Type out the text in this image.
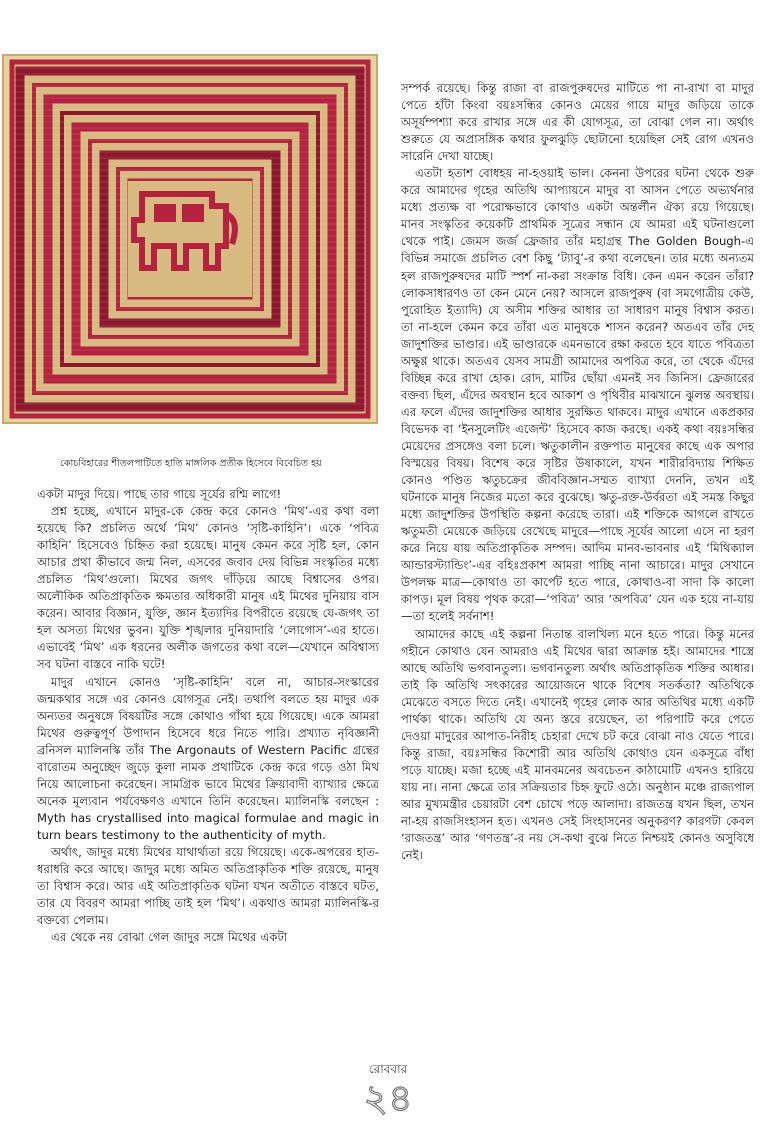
কোচবিহারের শীতলপাটিতে হাতি মাঙ্গলিক প্রতীক হিসেবে বিবেচিত হয়

একটা মাদুর দিয়ে। পাছে তার গায়ে সূর্যের রশ্মি লাগে!

প্রশ্ন হচ্ছে, এখানে মাদুর-কে কেন্দ্র করে কোনও ‘মিথ’-এর কথা বলা হয়েছে কি? প্রচলিত অর্থে ‘মিথ’ কোনও ‘সৃষ্টি-কাহিনি’। একে ‘পবিত্র কাহিনি’ হিসেবেও চিহ্নিত করা হয়েছে। মানুষ কেমন করে সৃষ্টি হল, কোন আচার প্রথা কীভাবে জন্ম নিল, এসবের জবাব দেয় বিভিন্ন সংস্কৃতির মধ্যে প্রচলিত ‘মিথ’গুলো। মিথের জগৎ দাঁড়িয়ে আছে বিশ্বাসের ওপর। অলৌকিক অতিপ্রাকৃতিক ক্ষমতার অধিকারী মানুষ এই মিথের দুনিয়ায় বাস করেন। আবার বিজ্ঞান, যুক্তি, জ্ঞান ইত্যাদির বিপরীতে রয়েছে যে-জগৎ তা হল অসত্য মিথের ভুবন। যুক্তি শৃঙ্খলার দুনিয়াদারি ‘লোগোস’-এর হাতে। এভাবেই ‘মিথ’ এক ধরনের অলীক জগতের কথা বলে—যেখানে অবিশ্বাস্য সব ঘটনা বাস্তবে নাকি ঘটে!

মাদুর এখানে কোনও ‘সৃষ্টি-কাহিনি’ বলে না, আচার-সংস্কারের জন্মকথার সঙ্গে এর কোনও যোগসূত্র নেই। তথাপি বলতে হয় মাদুর এক অন্যতর অনুষঙ্গে বিষয়টির সঙ্গে কোথাও গাঁথা হয়ে গিয়েছে। একে আমরা মিথের গুরুত্বপূর্ণ উপাদান হিসেবে ধরে নিতে পারি। প্রখ্যাত নৃবিজ্ঞানী ব্রনিসল ম্যালিনস্কি তাঁর The Argonauts of Western Pacific গ্রন্থের বারোতম অনুচ্ছেদ জুড়ে কুলা নামক প্রথাটিকে কেন্দ্র করে গড়ে ওঠা মিথ নিয়ে আলোচনা করেছেন। সামগ্রিক ভাবে মিথের ক্রিয়াবাদী ব্যাখ্যার ক্ষেত্রে অনেক মূল্যবান পর্যবেক্ষণও এখানে তিনি করেছেন। ম্যালিনস্কি বলছেন : Myth has crystallised into magical formulae and magic in turn bears testimony to the authenticity of myth.

অর্থাৎ, জাদুর মধ্যে মিথের যাথার্থ্যতা রয়ে গিয়েছে। একে-অপরের হাত-ধরাধরি করে আছে। জাদুর মধ্যে অমিত অতিপ্রাকৃতিক শক্তি রয়েছে, মানুষ তা বিশ্বাস করে। আর এই অতিপ্রাকৃতিক ঘটনা যখন অতীতে বাস্তবে ঘটত, তার যে বিবরণ আমরা পাচ্ছি তাই হল ‘মিথ’। একথাও আমরা ম্যালিনস্কি-র বক্তব্যে পেলাম।

এর থেকে নয় বোঝা গেল জাদুর সঙ্গে মিথের একটা

সম্পর্ক রয়েছে। কিন্তু রাজা বা রাজপুরুষদের মাটিতে পা না-রাখা বা মাদুর পেতে হাঁটা কিংবা বয়ঃসন্ধির কোনও মেয়ের গায়ে মাদুর জড়িয়ে তাকে অসূর্যম্পশ্যা করে রাখার সঙ্গে এর কী যোগসূত্র, তা বোঝা গেল না। অর্থাৎ শুরুতে যে অপ্রাসঙ্গিক কথার ফুলঝুড়ি ছোটানো হয়েছিল সেই রোগ এখনও সারেনি দেখা যাচ্ছে।

এতটা হতাশ বোধহয় না-হওয়াই ভাল। কেননা উপরের ঘটনা থেকে শুরু করে আমাদের গৃহের অতিথি আপ্যায়নে মাদুর বা আসন পেতে অভ্যর্থনার মধ্যে প্রত্যক্ষ বা পরোক্ষভাবে কোথাও একটা অন্তর্লীন ঐক্য রয়ে গিয়েছে। মানব সংস্কৃতির কয়েকটি প্রাথমিক সূত্রের সন্ধান যে আমরা এই ঘটনাগুলো থেকে পাই। জেমস জর্জ ফ্রেজার তাঁর মহাগ্রন্থ The Golden Bough-এ বিভিন্ন সমাজে প্রচলিত বেশ কিছু ‘ট্যাবু’-র কথা বলেছেন। তার মধ্যে অন্যতম হল রাজপুরুষদের মাটি স্পর্শ না-করা সংক্রান্ত বিধি। কেন এমন করেন তাঁরা? লোকসাধারণও তা কেন মেনে নেয়? আসলে রাজপুরুষ (বা সমগোত্রীয় কেউ, পুরোহিত ইত্যাদি) যে অসীম শক্তির আধার তা সাধারণ মানুষ বিশ্বাস করত। তা না-হলে কেমন করে তাঁরা এত মানুষকে শাসন করেন? অতএব তাঁর দেহ জাদুশক্তির ভাণ্ডার। এই ভাণ্ডারকে এমনভাবে রক্ষা করতে হবে যাতে পবিত্রতা অক্ষুণ্ণ থাকে। অতএব যেসব সামগ্রী আমাদের অপবিত্র করে, তা থেকে এঁদের বিচ্ছিন্ন করে রাখা হোক। রোদ, মাটির ছোঁয়া এমনই সব জিনিস। ফ্রেজারের বক্তব্য ছিল, এঁদের অবস্থান হবে আকাশ ও পৃথিবীর মাঝখানে ঝুলন্ত অবস্থায়। এর ফলে এঁদের জাদুশক্তির আধার সুরক্ষিত থাকবে। মাদুর এখানে একপ্রকার বিভেদক বা ‘ইনসুলেটিং এজেন্ট’ হিসেবে কাজ করছে। একই কথা বয়ঃসন্ধির মেয়েদের প্রসঙ্গেও বলা চলে। ঋতুকালীন রক্তপাত মানুষের কাছে এক অপার বিস্ময়ের বিষয়। বিশেষ করে সৃষ্টির উষাকালে, যখন শারীরবিদ্যায় শিক্ষিত কোনও পণ্ডিত ঋতুচক্রের জীববিজ্ঞান-সম্মত ব্যাখ্যা দেননি, তখন এই ঘটনাকে মানুষ নিজের মতো করে বুঝেছে। ঋতু-রক্ত-উর্বরতা এই সমস্ত কিছুর মধ্যে জাদুশক্তির উপস্থিতি কল্পনা করেছে তারা। এই শক্তিকে আগলে রাখতে ঋতুমতী মেয়েকে জড়িয়ে রেখেছে মাদুরে—পাছে সূর্যের আলো এসে না হরণ করে নিয়ে যায় অতিপ্রাকৃতিক সম্পদ। আদিম মানব-ভাবনার এই ‘মিথিক্যাল আন্ডারস্ট্যান্ডিং’-এর বহিঃপ্রকাশ আমরা পাচ্ছি নানা আচারে। মাদুর সেখানে উপলক্ষ মাত্র—কোথাও তা কার্পেট হতে পারে, কোথাও-বা সাদা কি কালো কাপড়। মূল বিষয় পৃথক করো—‘পবিত্র’ আর ‘অপবিত্র’ যেন এক হয়ে না-যায়—তা হলেই সর্বনাশ!

আমাদের কাছে এই কল্পনা নিতান্ত বালখিল্য মনে হতে পারে। কিন্তু মনের গহীনে কোথাও যেন আমরাও এই মিথের দ্বারা আক্রান্ত হই। আমাদের শাস্ত্রে আছে অতিথি ভগবানতুল্য। ভগবানতুল্য অর্থাৎ অতিপ্রাকৃতিক শক্তির আধার। তাই কি অতিথি সৎকারের আয়োজনে থাকে বিশেষ সতর্কতা? অতিথিকে মেঝেতে বসতে দিতে নেই। এখানেই গৃহের লোক আর অতিথির মধ্যে একটি পার্থক্য থাকে। অতিথি যে অন্য স্তরে রয়েছেন, তা পরিপাটি করে পেতে দেওয়া মাদুরের আপাত-নিরীহ চেহারা দেখে চট করে বোঝা নাও যেতে পারে। কিন্তু রাজা, বয়ঃসন্ধির কিশোরী আর অতিথি কোথাও যেন একসূত্রে বাঁধা পড়ে যাচ্ছে। মজা হচ্ছে এই মানবমনের অবচেতন কাঠামোটি এখনও হারিয়ে যায় না। নানা ক্ষেত্রে তার সক্রিয়তার চিহ্ন ফুটে ওঠে। অনুষ্ঠান মঞ্চে রাজ্যপাল আর মুখ্যমন্ত্রীর চেয়ারটা বেশ চোখে পড়ে আলাদা। রাজতন্ত্র যখন ছিল, তখন না-হয় রাজসিংহাসন হত। এখনও সেই সিংহাসনের অনুকরণ? কারণটা কেবল ‘রাজতন্ত্র’ আর ‘গণতন্ত্র’-র নয় সে-কথা বুঝে নিতে নিশ্চয়ই কোনও অসুবিধে নেই।

রোববার
২৪
